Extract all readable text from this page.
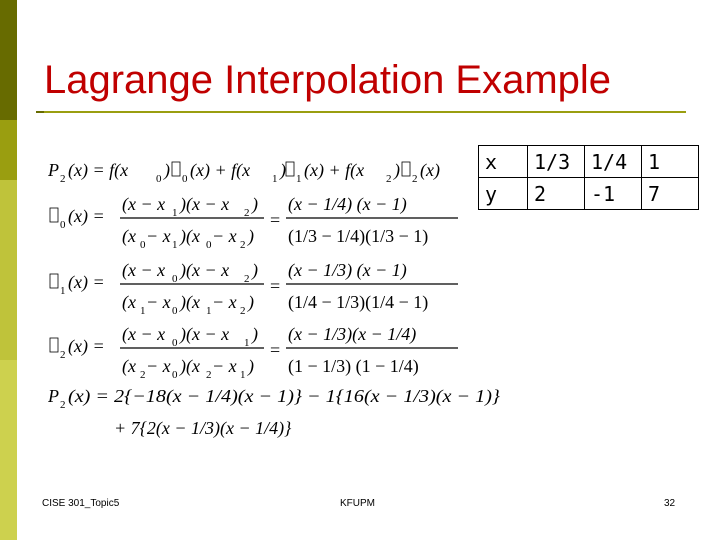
Lagrange Interpolation Example
x	1/3	1/4	1
y	2	-1	7
P 2 (x) = f(x	0 ) 0 (x) + f(x 1 ) 1 (x) + f(x 2 ) 2 (x)
0 (x) =
(x − x 1 )(x − x 2 )
(x 0 − x 1 )(x 0 − x 2 )
=
(x − 1/4) (x − 1)
(1/3 − 1/4)(1/3 − 1)
1 (x) =
(x − x 0 )(x − x 2 )
(x 1 − x 0 )(x 1 − x 2 )
=
(x − 1/3) (x − 1)
(1/4 − 1/3)(1/4 − 1)
2 (x) =
(x − x 0 )(x − x 1 )
(x 2 − x 0 )(x 2 − x 1 )
=
(x − 1/3)(x − 1/4)
(1 − 1/3) (1 − 1/4)
P 2 (x) = 2{−18(x − 1/4)(x − 1)} − 1{16(x − 1/3)(x − 1)}
+ 7{2(x − 1/3)(x − 1/4)}
CISE 301_Topic5	KFUPM	32
